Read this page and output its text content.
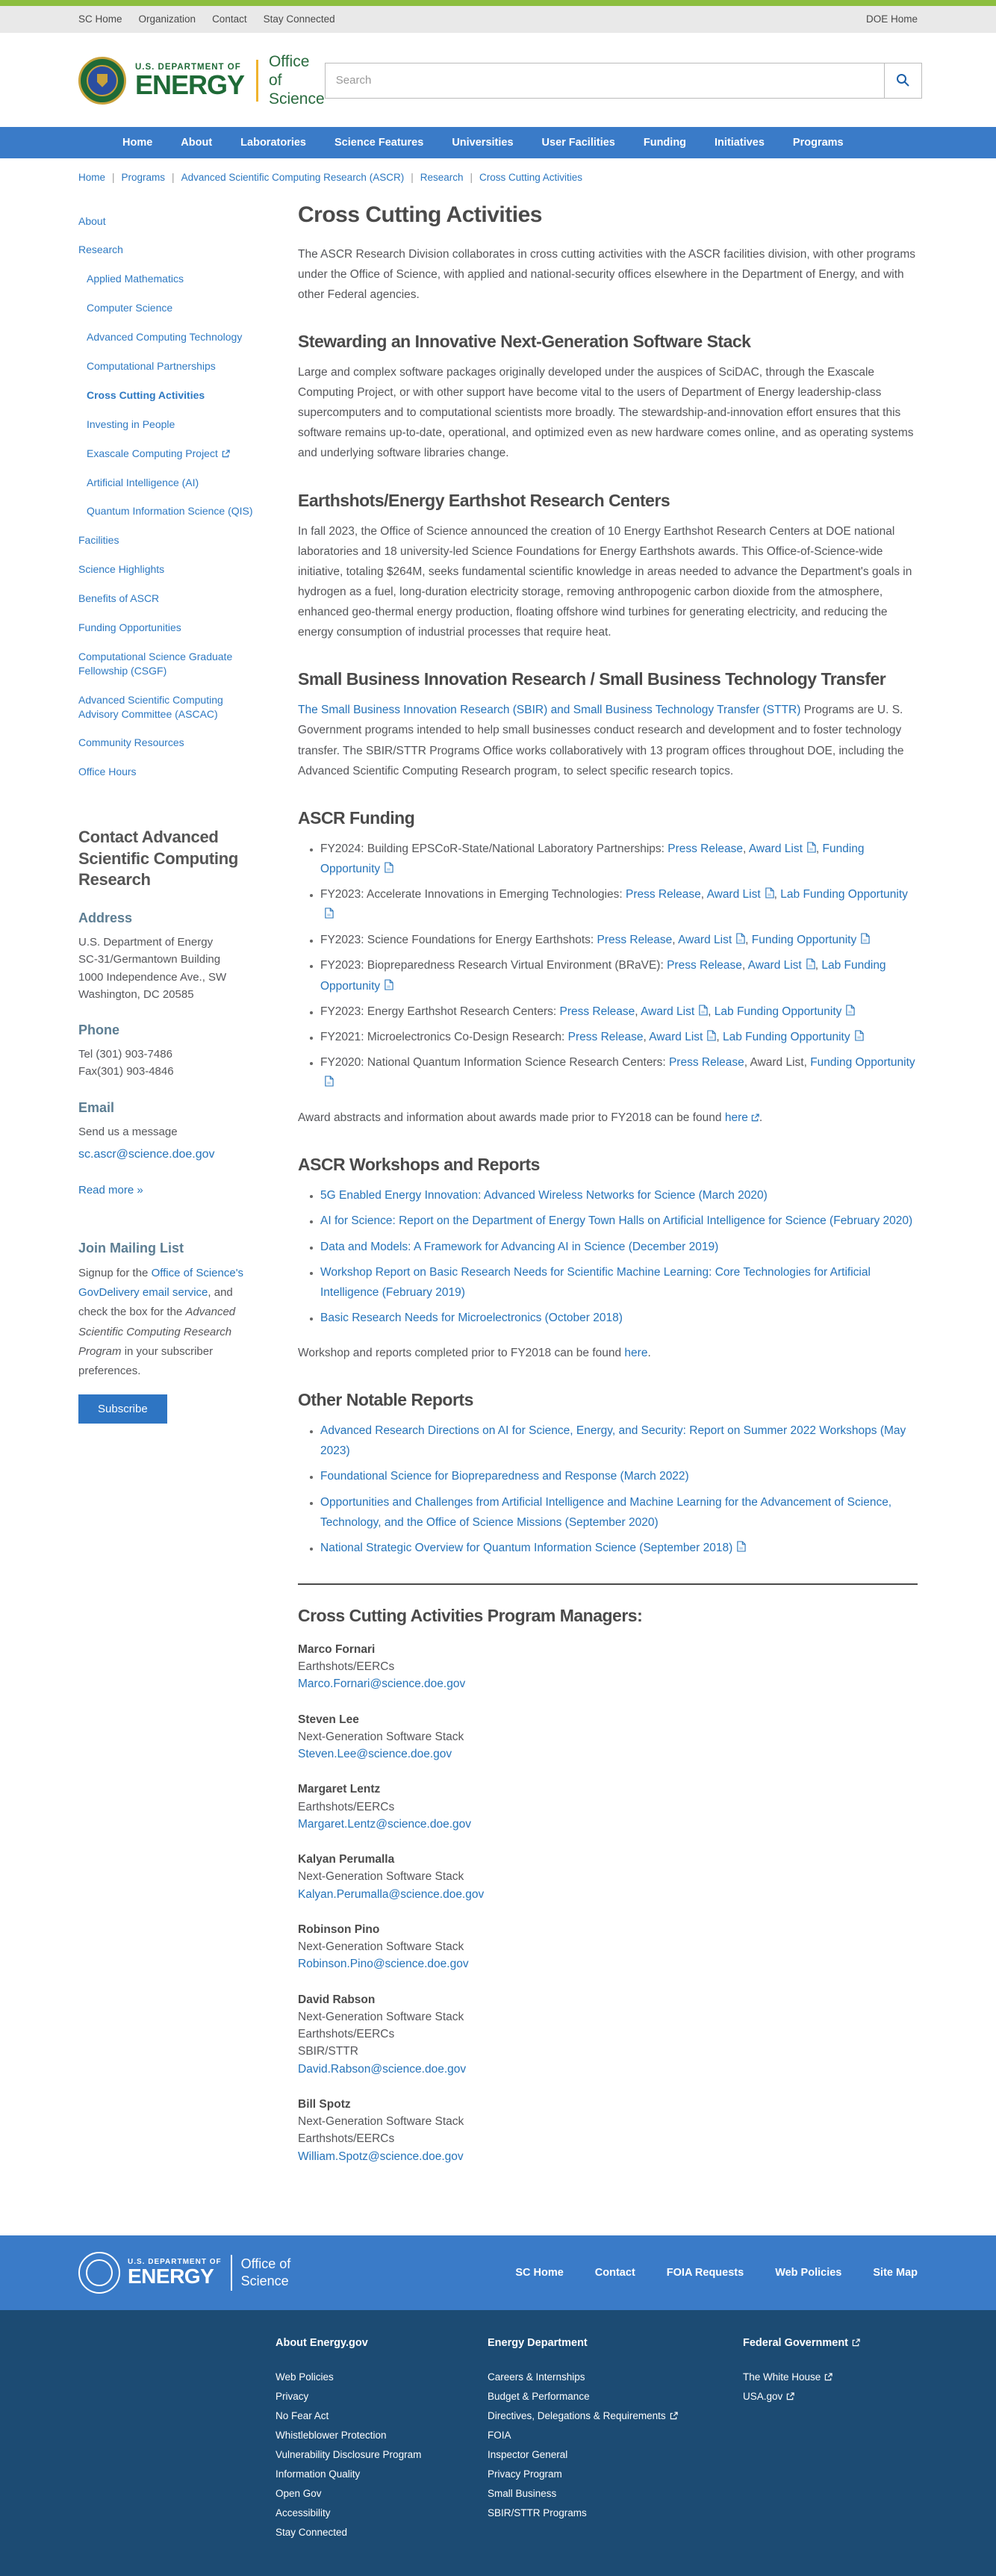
SC Home Organization Contact Stay Connected	DOE Home
U.S. DEPARTMENT OF
ENERGY
Office of
Science
Search
Home	About	Laboratories	Science Features	Universities	User Facilities	Funding	Initiatives	Programs
Home | Programs | Advanced Scientific Computing Research (ASCR) | Research | Cross Cutting Activities
About
Research
Applied Mathematics
Computer Science
Advanced Computing Technology
Computational Partnerships
Cross Cutting Activities
Investing in People
Exascale Computing Project
Artificial Intelligence (AI)
Quantum Information Science (QIS)
Facilities
Science Highlights
Benefits of ASCR
Funding Opportunities
Computational Science Graduate Fellowship (CSGF)
Advanced Scientific Computing Advisory Committee (ASCAC)
Community Resources
Office Hours
Contact Advanced Scientific Computing Research
Address
U.S. Department of Energy
SC-31/Germantown Building
1000 Independence Ave., SW
Washington, DC 20585
Phone
Tel (301) 903-7486
Fax(301) 903-4846
Email
Send us a message
sc.ascr@science.doe.gov
Read more »
Join Mailing List

Signup for the Office of Science's GovDelivery email service, and check the box for the Advanced Scientific Computing Research Program in your subscriber preferences.

Subscribe
Cross Cutting Activities

The ASCR Research Division collaborates in cross cutting activities with the ASCR facilities division, with other programs under the Office of Science, with applied and national-security offices elsewhere in the Department of Energy, and with other Federal agencies.

Stewarding an Innovative Next-Generation Software Stack

Large and complex software packages originally developed under the auspices of SciDAC, through the Exascale Computing Project, or with other support have become vital to the users of Department of Energy leadership-class supercomputers and to computational scientists more broadly. The stewardship-and-innovation effort ensures that this software remains up-to-date, operational, and optimized even as new hardware comes online, and as operating systems and underlying software libraries change.

Earthshots/Energy Earthshot Research Centers

In fall 2023, the Office of Science announced the creation of 10 Energy Earthshot Research Centers at DOE national laboratories and 18 university-led Science Foundations for Energy Earthshots awards. This Office-of-Science-wide initiative, totaling $264M, seeks fundamental scientific knowledge in areas needed to advance the Department's goals in hydrogen as a fuel, long-duration electricity storage, removing anthropogenic carbon dioxide from the atmosphere, enhanced geo-thermal energy production, floating offshore wind turbines for generating electricity, and reducing the energy consumption of industrial processes that require heat.

Small Business Innovation Research / Small Business Technology Transfer

The Small Business Innovation Research (SBIR) and Small Business Technology Transfer (STTR) Programs are U. S. Government programs intended to help small businesses conduct research and development and to foster technology transfer. The SBIR/STTR Programs Office works collaboratively with 13 program offices throughout DOE, including the Advanced Scientific Computing Research program, to select specific research topics.

ASCR Funding
• FY2024: Building EPSCoR-State/National Laboratory Partnerships: Press Release, Award List , Funding Opportunity
• FY2023: Accelerate Innovations in Emerging Technologies: Press Release, Award List , Lab Funding Opportunity
• FY2023: Science Foundations for Energy Earthshots: Press Release, Award List , Funding Opportunity
• FY2023: Biopreparedness Research Virtual Environment (BRaVE): Press Release, Award List , Lab Funding Opportunity
• FY2023: Energy Earthshot Research Centers: Press Release, Award List , Lab Funding Opportunity
• FY2021: Microelectronics Co-Design Research: Press Release, Award List , Lab Funding Opportunity
• FY2020: National Quantum Information Science Research Centers: Press Release, Award List, Funding Opportunity

Award abstracts and information about awards made prior to FY2018 can be found here .

ASCR Workshops and Reports
• 5G Enabled Energy Innovation: Advanced Wireless Networks for Science (March 2020)
• AI for Science: Report on the Department of Energy Town Halls on Artificial Intelligence for Science (February 2020)
• Data and Models: A Framework for Advancing AI in Science (December 2019)
• Workshop Report on Basic Research Needs for Scientific Machine Learning: Core Technologies for Artificial Intelligence (February 2019)
• Basic Research Needs for Microelectronics (October 2018)

Workshop and reports completed prior to FY2018 can be found here.

Other Notable Reports
• Advanced Research Directions on AI for Science, Energy, and Security: Report on Summer 2022 Workshops (May 2023)
• Foundational Science for Biopreparedness and Response (March 2022)
• Opportunities and Challenges from Artificial Intelligence and Machine Learning for the Advancement of Science, Technology, and the Office of Science Missions (September 2020)
• National Strategic Overview for Quantum Information Science (September 2018)
Cross Cutting Activities Program Managers:
Marco Fornari
Earthshots/EERCs
Marco.Fornari@science.doe.gov
Steven Lee
Next-Generation Software Stack
Steven.Lee@science.doe.gov
Margaret Lentz
Earthshots/EERCs
Margaret.Lentz@science.doe.gov
Kalyan Perumalla
Next-Generation Software Stack
Kalyan.Perumalla@science.doe.gov
Robinson Pino
Next-Generation Software Stack
Robinson.Pino@science.doe.gov
David Rabson
Next-Generation Software Stack
Earthshots/EERCs
SBIR/STTR
David.Rabson@science.doe.gov
Bill Spotz
Next-Generation Software Stack
Earthshots/EERCs
William.Spotz@science.doe.gov
U.S. DEPARTMENT OF
ENERGY
Office of
Science
SC Home	Contact	FOIA Requests	Web Policies	Site Map
About Energy.gov
Web Policies
Privacy
No Fear Act
Whistleblower Protection
Vulnerability Disclosure Program
Information Quality
Open Gov
Accessibility
Stay Connected
Energy Department
Careers & Internships
Budget & Performance
Directives, Delegations & Requirements
FOIA
Inspector General
Privacy Program
Small Business
SBIR/STTR Programs
Federal Government
The White House
USA.gov
